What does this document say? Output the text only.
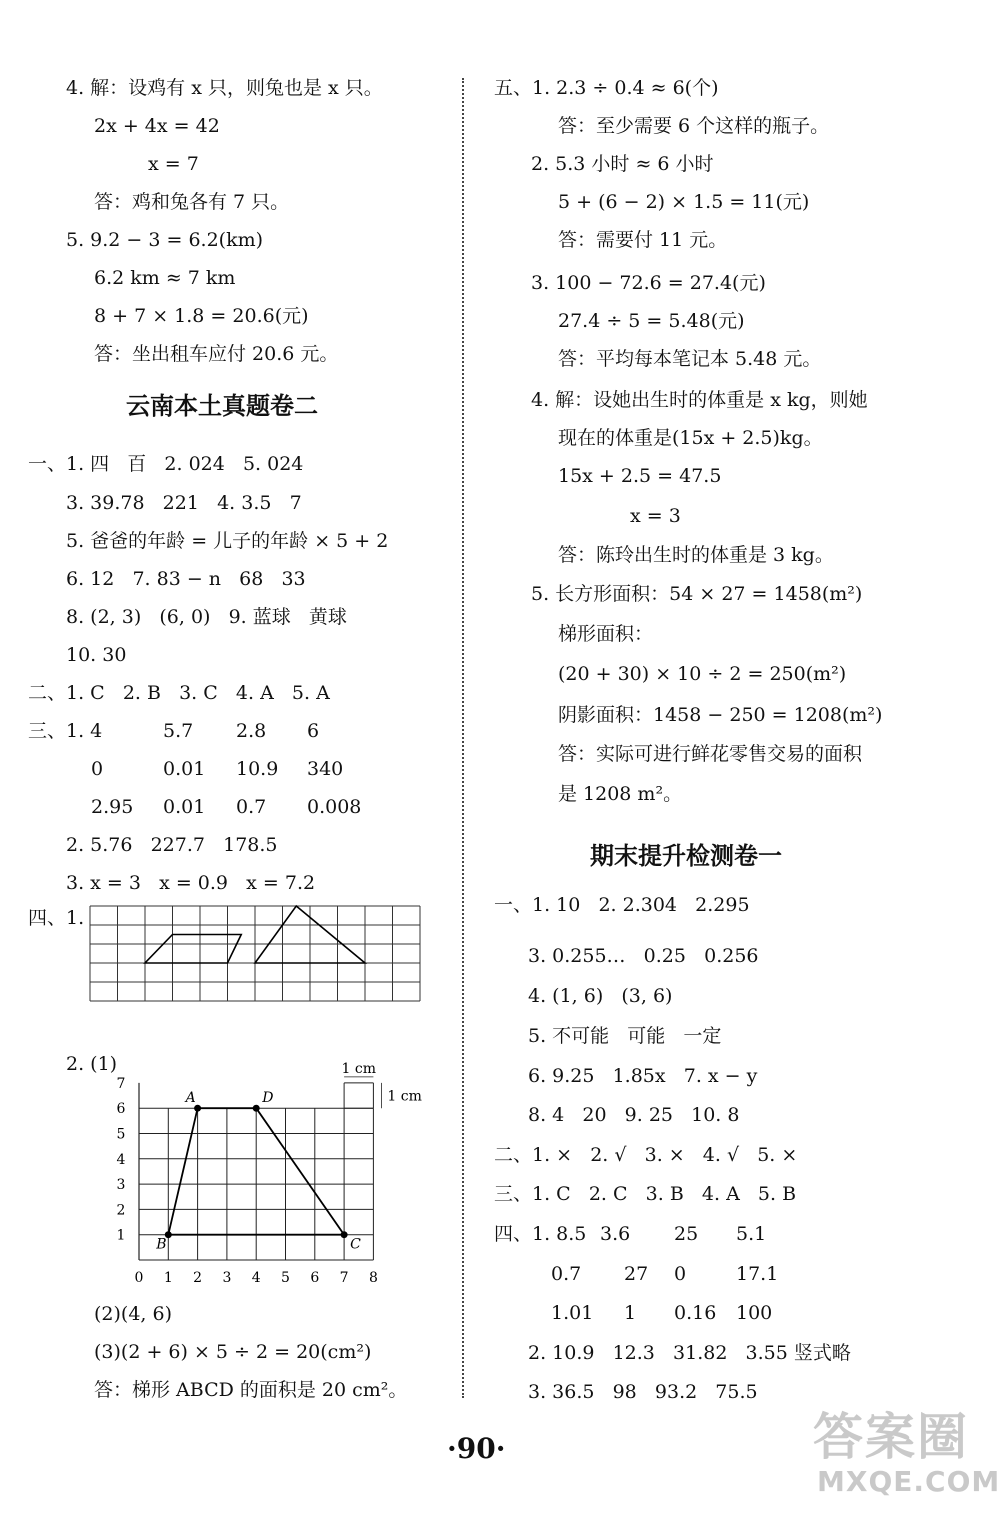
4. 解：设鸡有 x 只，则兔也是 x 只。
2x + 4x = 42
x = 7
答：鸡和兔各有 7 只。
5. 9.2 − 3 = 6.2(km)
6.2 km ≈ 7 km
8 + 7 × 1.8 = 20.6(元)
答：坐出租车应付 20.6 元。
一、1. 四   百   2. 024   5. 024
3. 39.78   221   4. 3.5   7
5. 爸爸的年龄 = 儿子的年龄 × 5 + 2
6. 12   7. 83 − n   68   33
8. (2, 3)   (6, 0)   9. 蓝球   黄球
10. 30
二、1. C   2. B   3. C   4. A   5. A
三、1. 4	5.7 2.8 6
0	0.01 10.9 340
2.95 0.01 0.7 0.008
2. 5.76   227.7   178.5
3. x = 3   x = 0.9   x = 7.2
四、1.
2. (1)
(2)(4, 6)
(3)(2 + 6) × 5 ÷ 2 = 20(cm²)
答：梯形 ABCD 的面积是 20 cm²。
五、1. 2.3 ÷ 0.4 ≈ 6(个)
答：至少需要 6 个这样的瓶子。
2. 5.3 小时 ≈ 6 小时
5 + (6 − 2) × 1.5 = 11(元)
答：需要付 11 元。
3. 100 − 72.6 = 27.4(元)
27.4 ÷ 5 = 5.48(元)
答：平均每本笔记本 5.48 元。
4. 解：设她出生时的体重是 x kg，则她
现在的体重是(15x + 2.5)kg。
15x + 2.5 = 47.5
x = 3
答：陈玲出生时的体重是 3 kg。
5. 长方形面积：54 × 27 = 1458(m²)
梯形面积：
(20 + 30) × 10 ÷ 2 = 250(m²)
阴影面积：1458 − 250 = 1208(m²)
答：实际可进行鲜花零售交易的面积
是 1208 m²。
一、1. 10   2. 2.304   2.295
3. 0.255…   0.25   0.256
4. (1, 6)   (3, 6)
5. 不可能   可能   一定
6. 9.25   1.85x   7. x − y
8. 4   20   9. 25   10. 8
二、1. ×   2. √   3. ×   4. √   5. ×
三、1. C   2. C   3. B   4. A   5. B
四、1. 8.5 3.6 25 5.1
0.7 27 0	17.1
1.01 1 0.16 100
2. 10.9   12.3   31.82   3.55 竖式略
3. 36.5   98   93.2   75.5
云南本土真题卷二
期末提升检测卷一
1 cm
1 cm
0 1 2 3 4 5 6 7 8
1
2
3
4
5
6
7
A	D
B	C
·90·	答案圈
MXQE.COM
